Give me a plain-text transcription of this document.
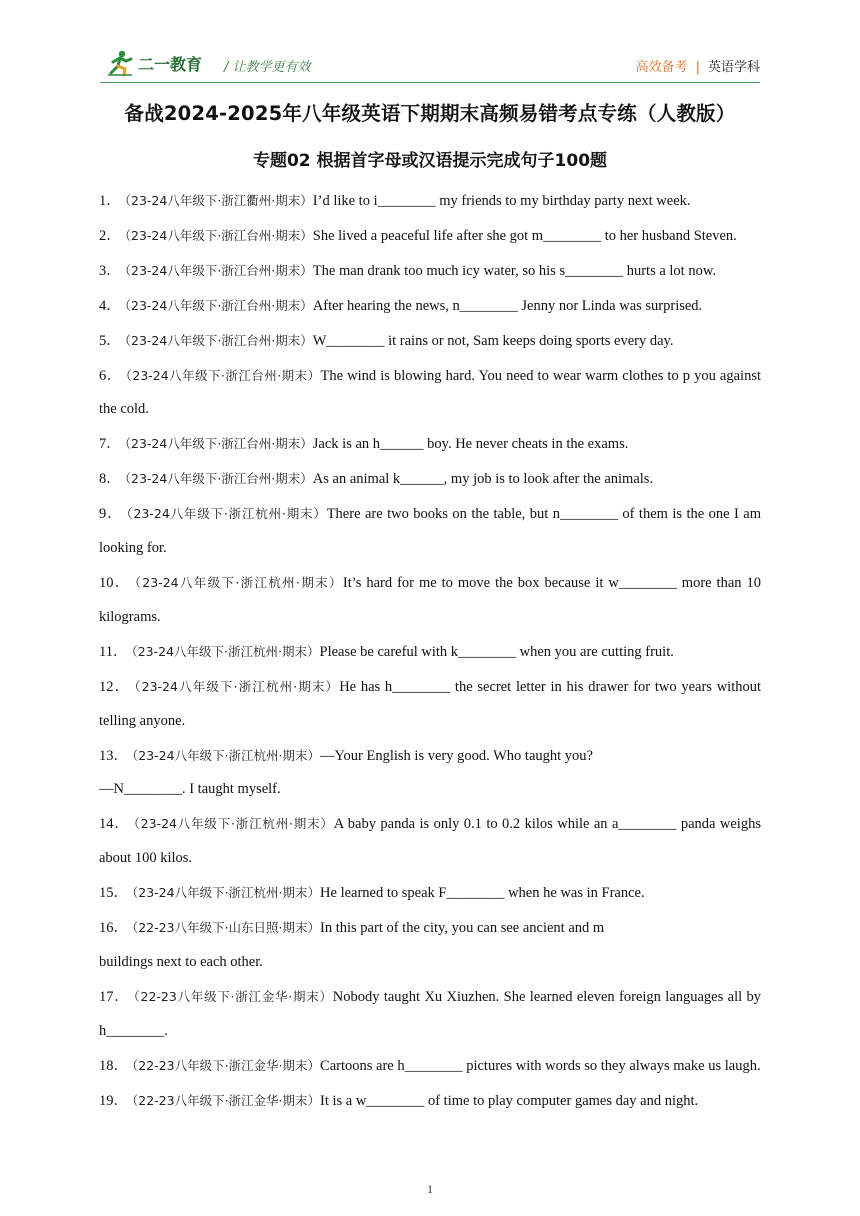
二一教育 / 让教学更有效	高效备考 | 英语学科
备战2024-2025年八年级英语下期期末高频易错考点专练（人教版）
专题02 根据首字母或汉语提示完成句子100题
1． （23-24八年级下·浙江衢州·期末）I’d like to i________ my friends to my birthday party next week.
2． （23-24八年级下·浙江台州·期末）She lived a peaceful life after she got m________ to her husband Steven.
3． （23-24八年级下·浙江台州·期末）The man drank too much icy water, so his s________ hurts a lot now.
4． （23-24八年级下·浙江台州·期末）After hearing the news, n________ Jenny nor Linda was surprised.
5． （23-24八年级下·浙江台州·期末）W________ it rains or not, Sam keeps doing sports every day.
6． （23-24八年级下·浙江台州·期末）The wind is blowing hard. You need to wear warm clothes to p you against the cold.
7． （23-24八年级下·浙江台州·期末）Jack is an h______ boy. He never cheats in the exams.
8． （23-24八年级下·浙江台州·期末）As an animal k______, my job is to look after the animals.
9． （23-24八年级下·浙江杭州·期末）There are two books on the table, but n________ of them is the one I am looking for.
10． （23-24八年级下·浙江杭州·期末）It’s hard for me to move the box because it w________ more than 10 kilograms.
11． （23-24八年级下·浙江杭州·期末）Please be careful with k________ when you are cutting fruit.
12． （23-24八年级下·浙江杭州·期末）He has h________ the secret letter in his drawer for two years without telling anyone.
13． （23-24八年级下·浙江杭州·期末）—Your English is very good. Who taught you?
—N________. I taught myself.
14． （23-24八年级下·浙江杭州·期末）A baby panda is only 0.1 to 0.2 kilos while an a________ panda weighs about 100 kilos.
15． （23-24八年级下·浙江杭州·期末）He learned to speak F________ when he was in France.
16． （22-23八年级下·山东日照·期末）In this part of the city, you can see ancient and m
buildings next to each other.
17． （22-23八年级下·浙江金华·期末）Nobody taught Xu Xiuzhen. She learned eleven foreign languages all by h________.
18． （22-23八年级下·浙江金华·期末）Cartoons are h________ pictures with words so they always make us laugh.
19． （22-23八年级下·浙江金华·期末）It is a w________ of time to play computer games day and night.
1
